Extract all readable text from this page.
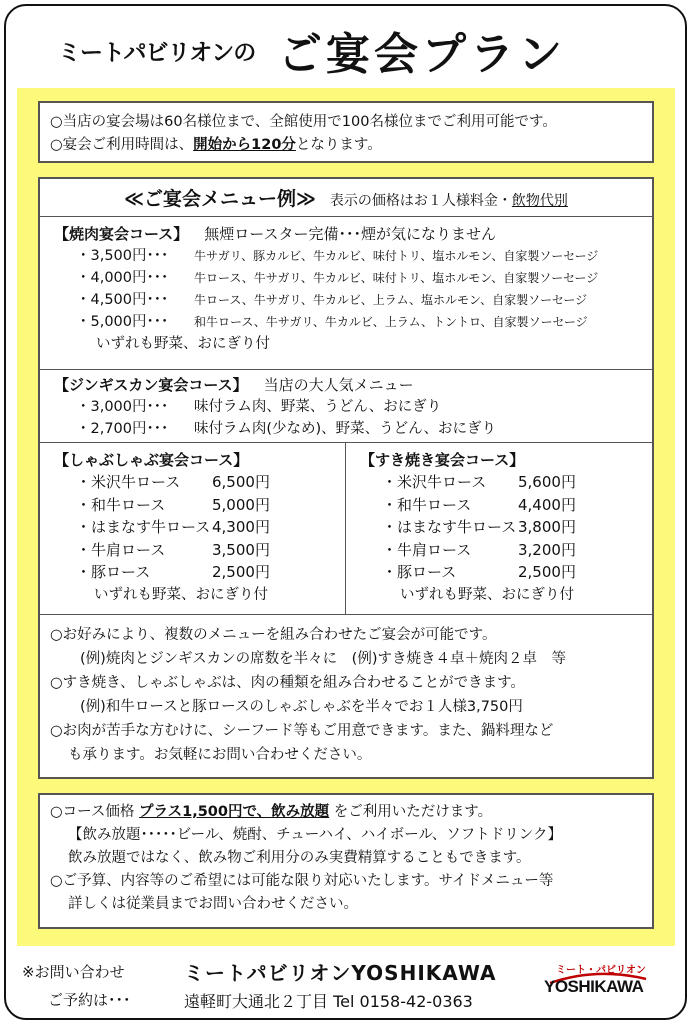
ミートパビリオンの ご宴会プラン
○当店の宴会場は60名様位まで、全館使用で100名様位までご利用可能です。
○宴会ご利用時間は、開始から120分となります。
≪ご宴会メニュー例≫ 表示の価格はお１人様料金・飲物代別
【焼肉宴会コース】 無煙ロースター完備･･･煙が気になりません
・3,500円･･･ 牛サガリ、豚カルビ、牛カルビ、味付トリ、塩ホルモン、自家製ソーセージ
・4,000円･･･ 牛ロース、牛サガリ、牛カルビ、味付トリ、塩ホルモン、自家製ソーセージ
・4,500円･･･ 牛ロース、牛サガリ、牛カルビ、上ラム、塩ホルモン、自家製ソーセージ
・5,000円･･･ 和牛ロース、牛サガリ、牛カルビ、上ラム、トントロ、自家製ソーセージ
いずれも野菜、おにぎり付
【ジンギスカン宴会コース】 当店の大人気メニュー
・3,000円･･･ 味付ラム肉、野菜、うどん、おにぎり
・2,700円･･･ 味付ラム肉(少なめ)、野菜、うどん、おにぎり
【しゃぶしゃぶ宴会コース】
・米沢牛ロース 6,500円
・和牛ロース	5,000円
・はまなす牛ロース 4,300円
・牛肩ロース	3,500円
・豚ロース	2,500円
いずれも野菜、おにぎり付
【すき焼き宴会コース】
・米沢牛ロース 5,600円
・和牛ロース	4,400円
・はまなす牛ロース 3,800円
・牛肩ロース	3,200円
・豚ロース	2,500円
いずれも野菜、おにぎり付
○お好みにより、複数のメニューを組み合わせたご宴会が可能です。
(例)焼肉とジンギスカンの席数を半々に　(例)すき焼き４卓＋焼肉２卓　等
○すき焼き、しゃぶしゃぶは、肉の種類を組み合わせることができます。
(例)和牛ロースと豚ロースのしゃぶしゃぶを半々でお１人様3,750円
○お肉が苦手な方むけに、シーフード等もご用意できます。また、鍋料理など
も承ります。お気軽にお問い合わせください。
○コース価格 プラス1,500円で、飲み放題 をご利用いただけます。
【飲み放題･････ビール、焼酎、チューハイ、ハイボール、ソフトドリンク】
飲み放題ではなく、飲み物ご利用分のみ実費精算することもできます。
○ご予算、内容等のご希望には可能な限り対応いたします。サイドメニュー等
詳しくは従業員までお問い合わせください。
※お問い合わせ
ご予約は･･･
ミートパビリオンYOSHIKAWA
遠軽町大通北２丁目 Tel 0158-42-0363
ミート・パビリオン
YOSHIKAWA
